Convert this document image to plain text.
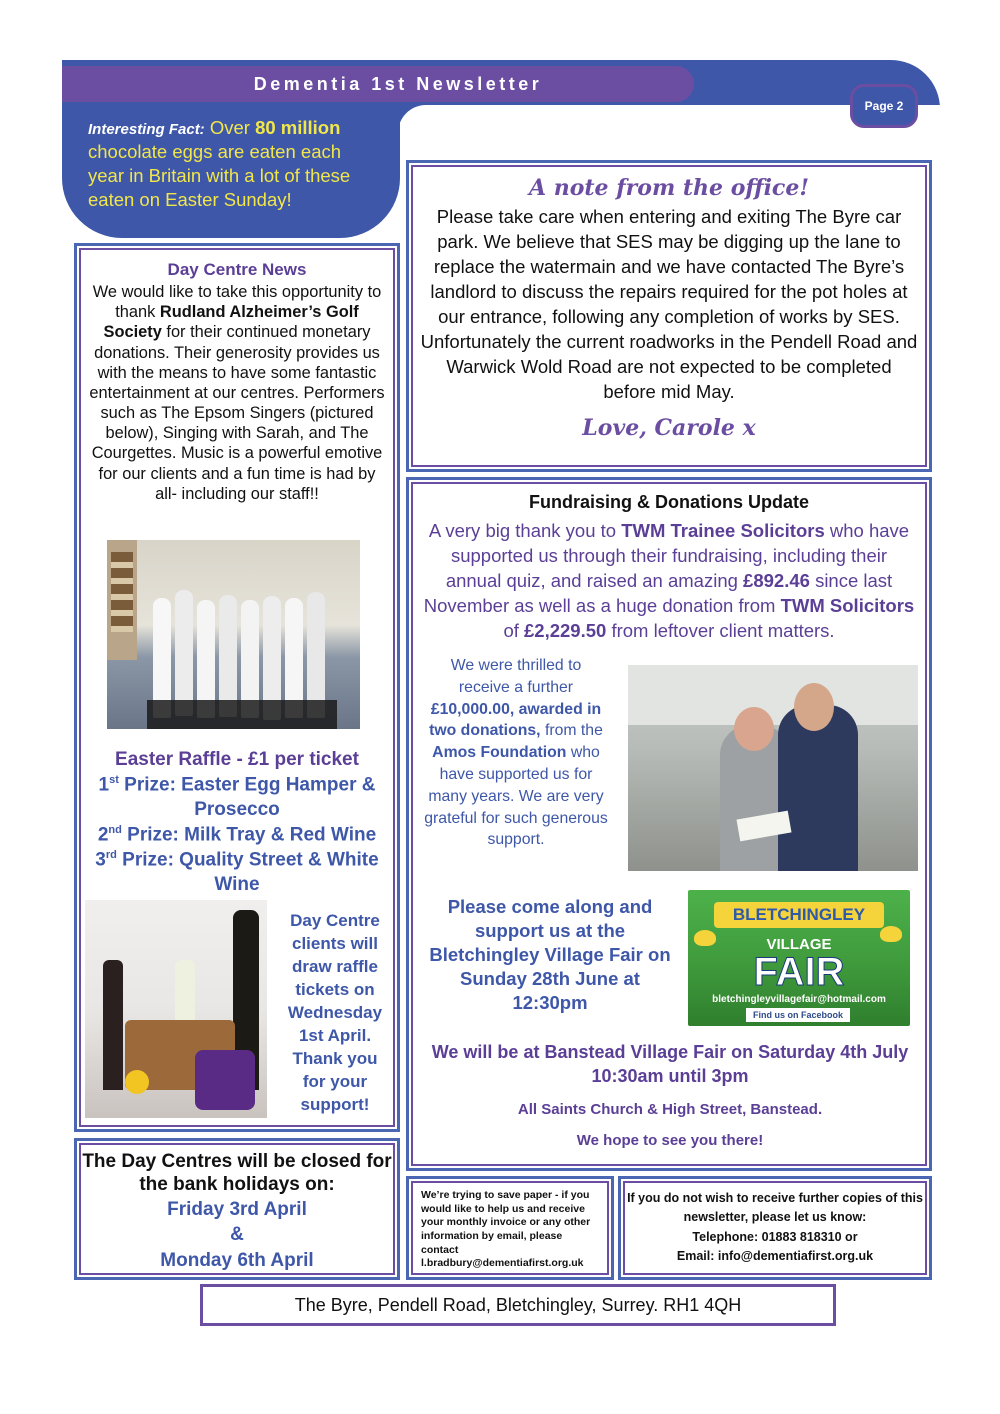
Dementia 1st Newsletter
Interesting Fact: Over 80 million chocolate eggs are eaten each year in Britain with a lot of these eaten on Easter Sunday!
Page 2
Day Centre News
We would like to take this opportunity to thank Rudland Alzheimer’s Golf Society for their continued monetary donations. Their generosity provides us with the means to have some fantastic entertainment at our centres. Performers such as The Epsom Singers (pictured below), Singing with Sarah, and The Courgettes. Music is a powerful emotive for our clients and a fun time is had by all- including our staff!!
Easter Raffle - £1 per ticket
1st Prize: Easter Egg Hamper & Prosecco
2nd Prize: Milk Tray & Red Wine
3rd Prize: Quality Street & White Wine
Day Centre clients will draw raffle tickets on Wednesday 1st April. Thank you for your support!
The Day Centres will be closed for the bank holidays on:
Friday 3rd April
&
Monday 6th April
A note from the office!
Please take care when entering and exiting The Byre car park. We believe that SES may be digging up the lane to replace the watermain and we have contacted The Byre’s landlord to discuss the repairs required for the pot holes at our entrance, following any completion of works by SES. Unfortunately the current roadworks in the Pendell Road and Warwick Wold Road are not expected to be completed before mid May.
Love, Carole x
Fundraising & Donations Update
A very big thank you to TWM Trainee Solicitors who have supported us through their fundraising, including their annual quiz, and raised an amazing £892.46 since last November as well as a huge donation from TWM Solicitors of £2,229.50 from leftover client matters.
We were thrilled to receive a further £10,000.00, awarded in two donations, from the Amos Foundation who have supported us for many years. We are very grateful for such generous support.
Please come along and support us at the Bletchingley Village Fair on Sunday 28th June at 12:30pm
BLETCHINGLEY
VILLAGE
FAIR
bletchingleyvillagefair@hotmail.com
Find us on Facebook
We will be at Banstead Village Fair on Saturday 4th July 10:30am until 3pm
All Saints Church & High Street, Banstead.
We hope to see you there!
We’re trying to save paper - if you would like to help us and receive your monthly invoice or any other information by email, please contact l.bradbury@dementiafirst.org.uk
If you do not wish to receive further copies of this newsletter, please let us know:
Telephone: 01883 818310 or
Email: info@dementiafirst.org.uk
The Byre, Pendell Road, Bletchingley, Surrey. RH1 4QH
